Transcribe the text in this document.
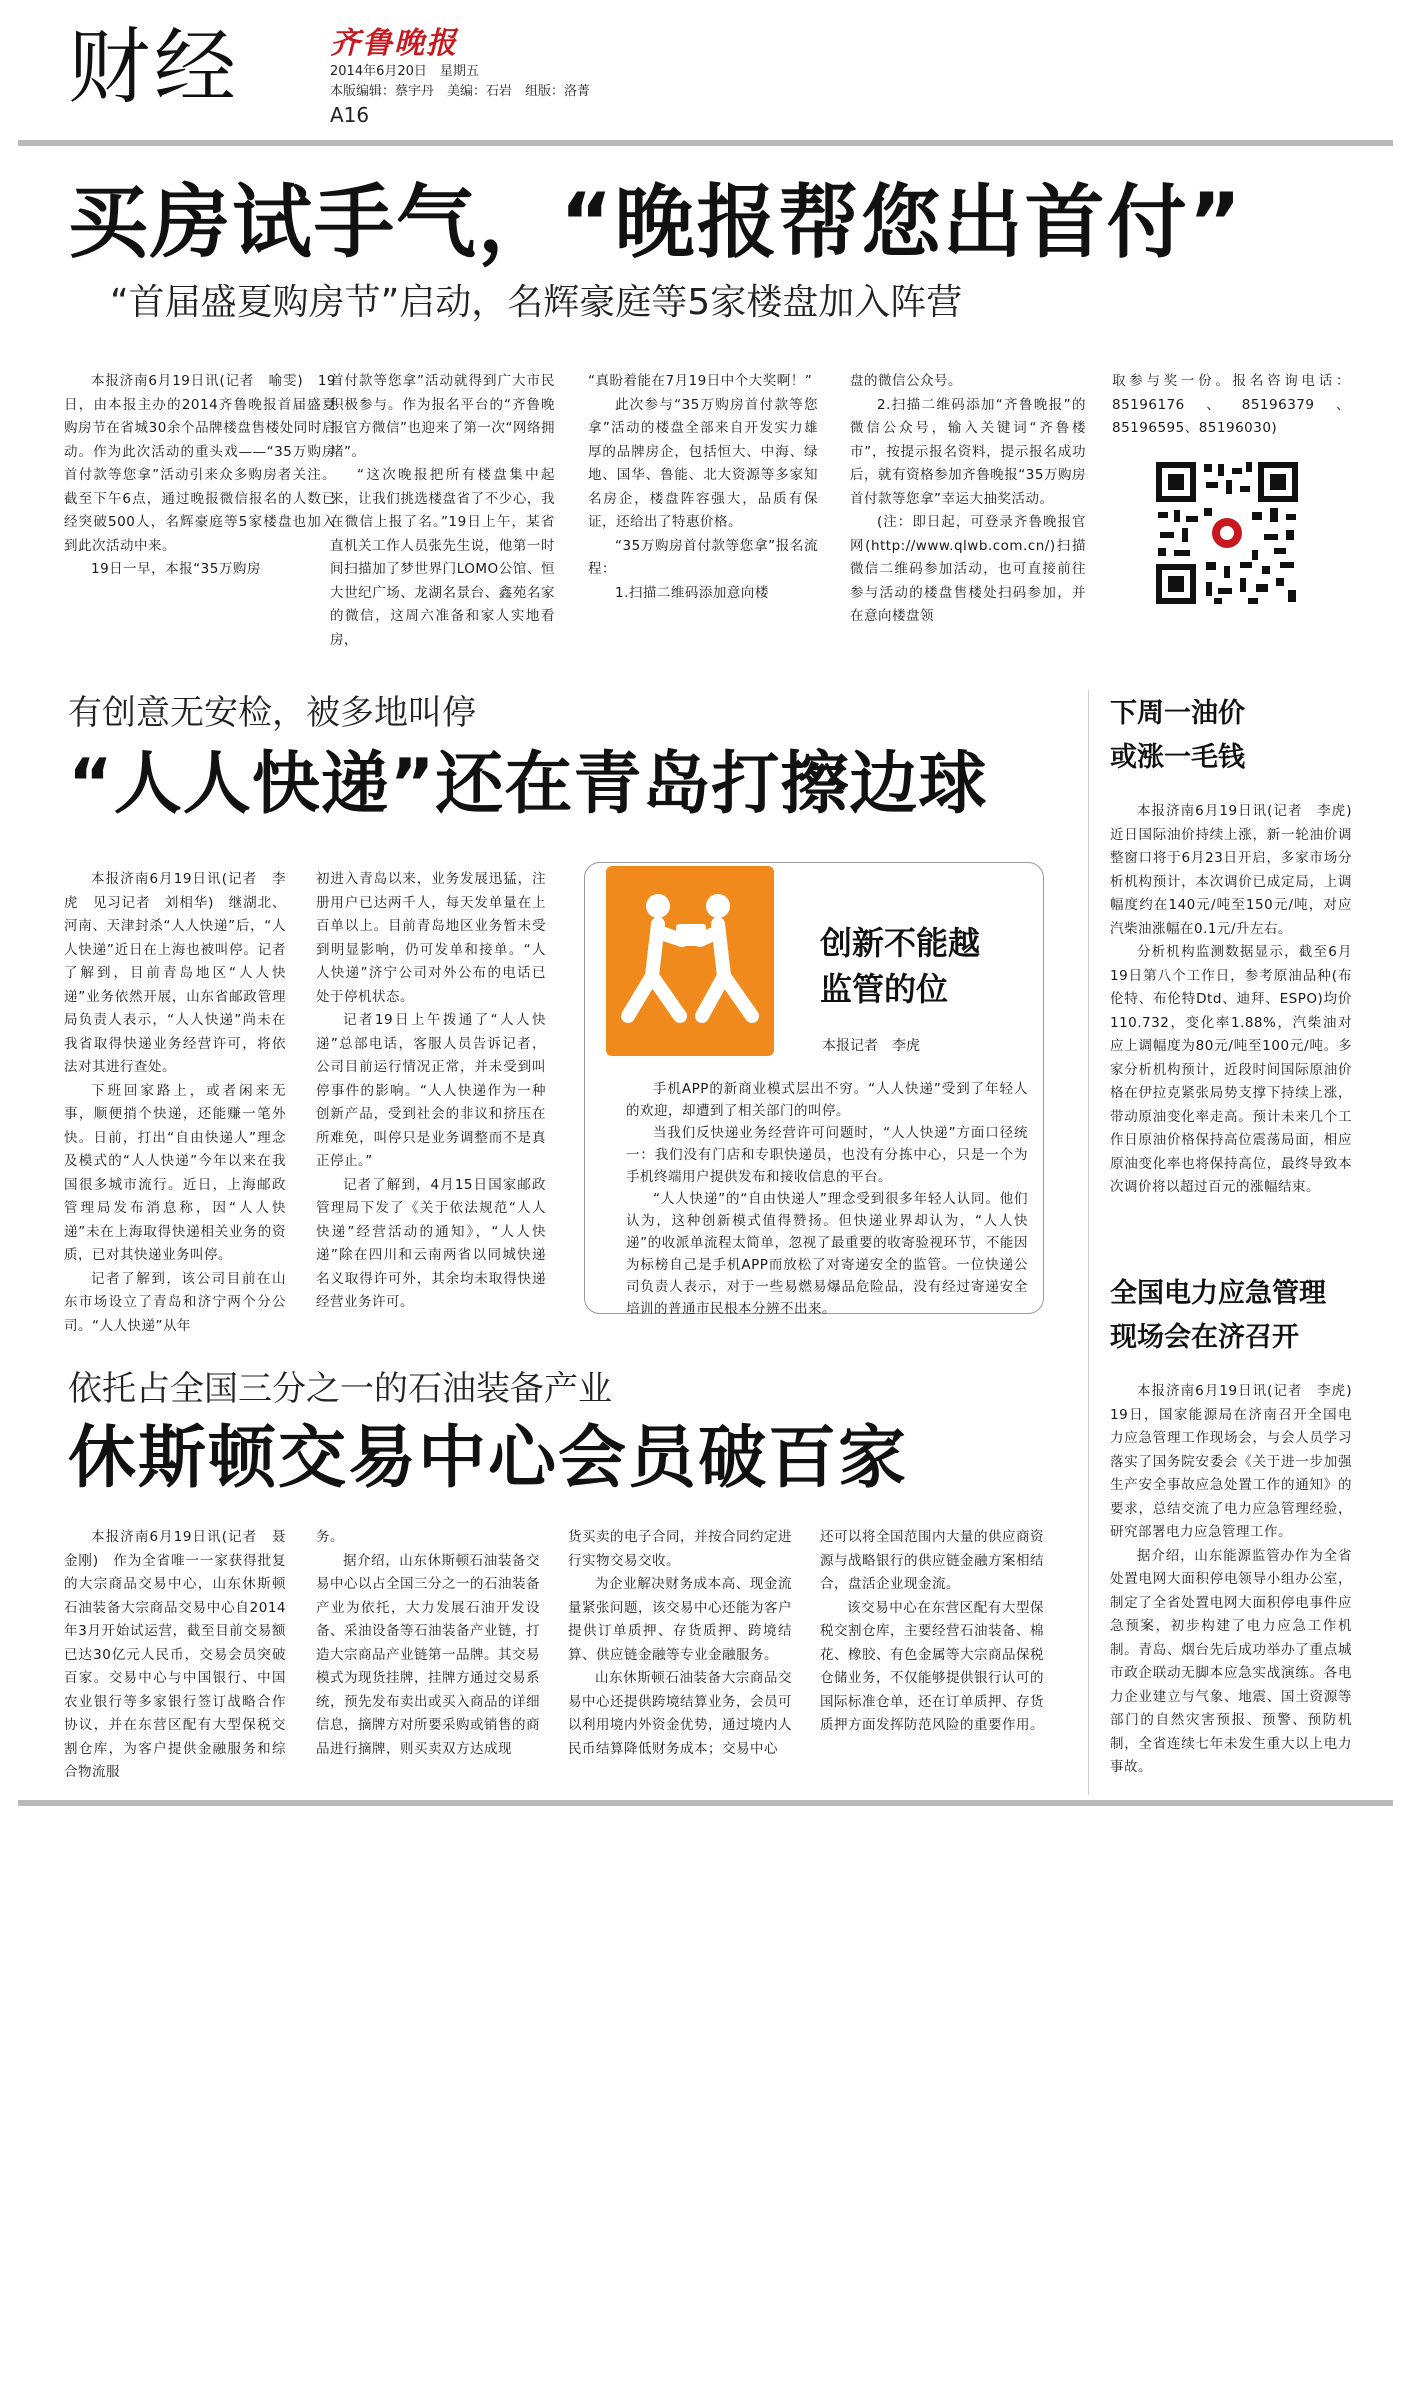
财经	齐鲁晚报
2014年6月20日　星期五
本版编辑：蔡宇丹　美编：石岩　组版：洛菁
A16
买房试手气，“晚报帮您出首付”
“首届盛夏购房节”启动，名辉豪庭等5家楼盘加入阵营

本报济南6月19日讯(记者　喻雯)　19日，由本报主办的2014齐鲁晚报首届盛夏购房节在省城30余个品牌楼盘售楼处同时启动。作为此次活动的重头戏——“35万购房首付款等您拿”活动引来众多购房者关注。截至下午6点，通过晚报微信报名的人数已经突破500人，名辉豪庭等5家楼盘也加入到此次活动中来。

19日一早，本报“35万购房

首付款等您拿”活动就得到广大市民积极参与。作为报名平台的“齐鲁晚报官方微信”也迎来了第一次“网络拥堵”。

“这次晚报把所有楼盘集中起来，让我们挑选楼盘省了不少心，我在微信上报了名。”19日上午，某省直机关工作人员张先生说，他第一时间扫描加了梦世界门LOMO公馆、恒大世纪广场、龙湖名景台、鑫苑名家的微信，这周六准备和家人实地看房，

“真盼着能在7月19日中个大奖啊！”

此次参与“35万购房首付款等您拿”活动的楼盘全部来自开发实力雄厚的品牌房企，包括恒大、中海、绿地、国华、鲁能、北大资源等多家知名房企，楼盘阵容强大，品质有保证，还给出了特惠价格。

“35万购房首付款等您拿”报名流程：

1.扫描二维码添加意向楼

盘的微信公众号。

2.扫描二维码添加“齐鲁晚报”的微信公众号，输入关键词“齐鲁楼市”，按提示报名资料，提示报名成功后，就有资格参加齐鲁晚报“35万购房首付款等您拿”幸运大抽奖活动。

(注：即日起，可登录齐鲁晚报官网(http://www.qlwb.com.cn/)扫描微信二维码参加活动，也可直接前往参与活动的楼盘售楼处扫码参加，并在意向楼盘领

取参与奖一份。报名咨询电话：85196176、85196379、85196595、85196030)

有创意无安检，被多地叫停
“人人快递”还在青岛打擦边球

本报济南6月19日讯(记者　李虎　见习记者　刘相华)　继湖北、河南、天津封杀“人人快递”后，“人人快递”近日在上海也被叫停。记者了解到，目前青岛地区“人人快递”业务依然开展，山东省邮政管理局负责人表示，“人人快递”尚未在我省取得快递业务经营许可，将依法对其进行查处。

下班回家路上，或者闲来无事，顺便捎个快递，还能赚一笔外快。日前，打出“自由快递人”理念及模式的“人人快递”今年以来在我国很多城市流行。近日，上海邮政管理局发布消息称，因“人人快递”未在上海取得快递相关业务的资质，已对其快递业务叫停。

记者了解到，该公司目前在山东市场设立了青岛和济宁两个分公司。“人人快递”从年

初进入青岛以来，业务发展迅猛，注册用户已达两千人，每天发单量在上百单以上。目前青岛地区业务暂未受到明显影响，仍可发单和接单。“人人快递”济宁公司对外公布的电话已处于停机状态。

记者19日上午拨通了“人人快递”总部电话，客服人员告诉记者，公司目前运行情况正常，并未受到叫停事件的影响。“人人快递作为一种创新产品，受到社会的非议和挤压在所难免，叫停只是业务调整而不是真正停止。”

记者了解到，4月15日国家邮政管理局下发了《关于依法规范“人人快递”经营活动的通知》，“人人快递”除在四川和云南两省以同城快递名义取得许可外，其余均未取得快递经营业务许可。

创新不能越
监管的位
本报记者　李虎

手机APP的新商业模式层出不穷。“人人快递”受到了年轻人的欢迎，却遭到了相关部门的叫停。

当我们反快递业务经营许可问题时，“人人快递”方面口径统一：我们没有门店和专职快递员，也没有分拣中心，只是一个为手机终端用户提供发布和接收信息的平台。

“人人快递”的“自由快递人”理念受到很多年轻人认同。他们认为，这种创新模式值得赞扬。但快递业界却认为，“人人快递”的收派单流程太简单，忽视了最重要的收寄验视环节，不能因为标榜自己是手机APP而放松了对寄递安全的监管。一位快递公司负责人表示，对于一些易燃易爆品危险品，没有经过寄递安全培训的普通市民根本分辨不出来。

依托占全国三分之一的石油装备产业
休斯顿交易中心会员破百家

本报济南6月19日讯(记者　聂金刚)　作为全省唯一一家获得批复的大宗商品交易中心，山东休斯顿石油装备大宗商品交易中心自2014年3月开始试运营，截至目前交易额已达30亿元人民币，交易会员突破百家。交易中心与中国银行、中国农业银行等多家银行签订战略合作协议，并在东营区配有大型保税交割仓库，为客户提供金融服务和综合物流服

务。

据介绍，山东休斯顿石油装备交易中心以占全国三分之一的石油装备产业为依托，大力发展石油开发设备、采油设备等石油装备产业链，打造大宗商品产业链第一品牌。其交易模式为现货挂牌，挂牌方通过交易系统，预先发布卖出或买入商品的详细信息，摘牌方对所要采购或销售的商品进行摘牌，则买卖双方达成现

货买卖的电子合同，并按合同约定进行实物交易交收。

为企业解决财务成本高、现金流量紧张问题，该交易中心还能为客户提供订单质押、存货质押、跨境结算、供应链金融等专业金融服务。

山东休斯顿石油装备大宗商品交易中心还提供跨境结算业务，会员可以利用境内外资金优势，通过境内人民币结算降低财务成本；交易中心

还可以将全国范围内大量的供应商资源与战略银行的供应链金融方案相结合，盘活企业现金流。

该交易中心在东营区配有大型保税交割仓库，主要经营石油装备、棉花、橡胶、有色金属等大宗商品保税仓储业务，不仅能够提供银行认可的国际标准仓单，还在订单质押、存货质押方面发挥防范风险的重要作用。

下周一油价
或涨一毛钱

本报济南6月19日讯(记者　李虎)　近日国际油价持续上涨，新一轮油价调整窗口将于6月23日开启，多家市场分析机构预计，本次调价已成定局，上调幅度约在140元/吨至150元/吨，对应汽柴油涨幅在0.1元/升左右。

分析机构监测数据显示，截至6月19日第八个工作日，参考原油品种(布伦特、布伦特Dtd、迪拜、ESPO)均价110.732，变化率1.88%，汽柴油对应上调幅度为80元/吨至100元/吨。多家分析机构预计，近段时间国际原油价格在伊拉克紧张局势支撑下持续上涨，带动原油变化率走高。预计未来几个工作日原油价格保持高位震荡局面，相应原油变化率也将保持高位，最终导致本次调价将以超过百元的涨幅结束。

全国电力应急管理
现场会在济召开

本报济南6月19日讯(记者　李虎)　19日，国家能源局在济南召开全国电力应急管理工作现场会，与会人员学习落实了国务院安委会《关于进一步加强生产安全事故应急处置工作的通知》的要求，总结交流了电力应急管理经验，研究部署电力应急管理工作。

据介绍，山东能源监管办作为全省处置电网大面积停电领导小组办公室，制定了全省处置电网大面积停电事件应急预案，初步构建了电力应急工作机制。青岛、烟台先后成功举办了重点城市政企联动无脚本应急实战演练。各电力企业建立与气象、地震、国土资源等部门的自然灾害预报、预警、预防机制，全省连续七年未发生重大以上电力事故。
